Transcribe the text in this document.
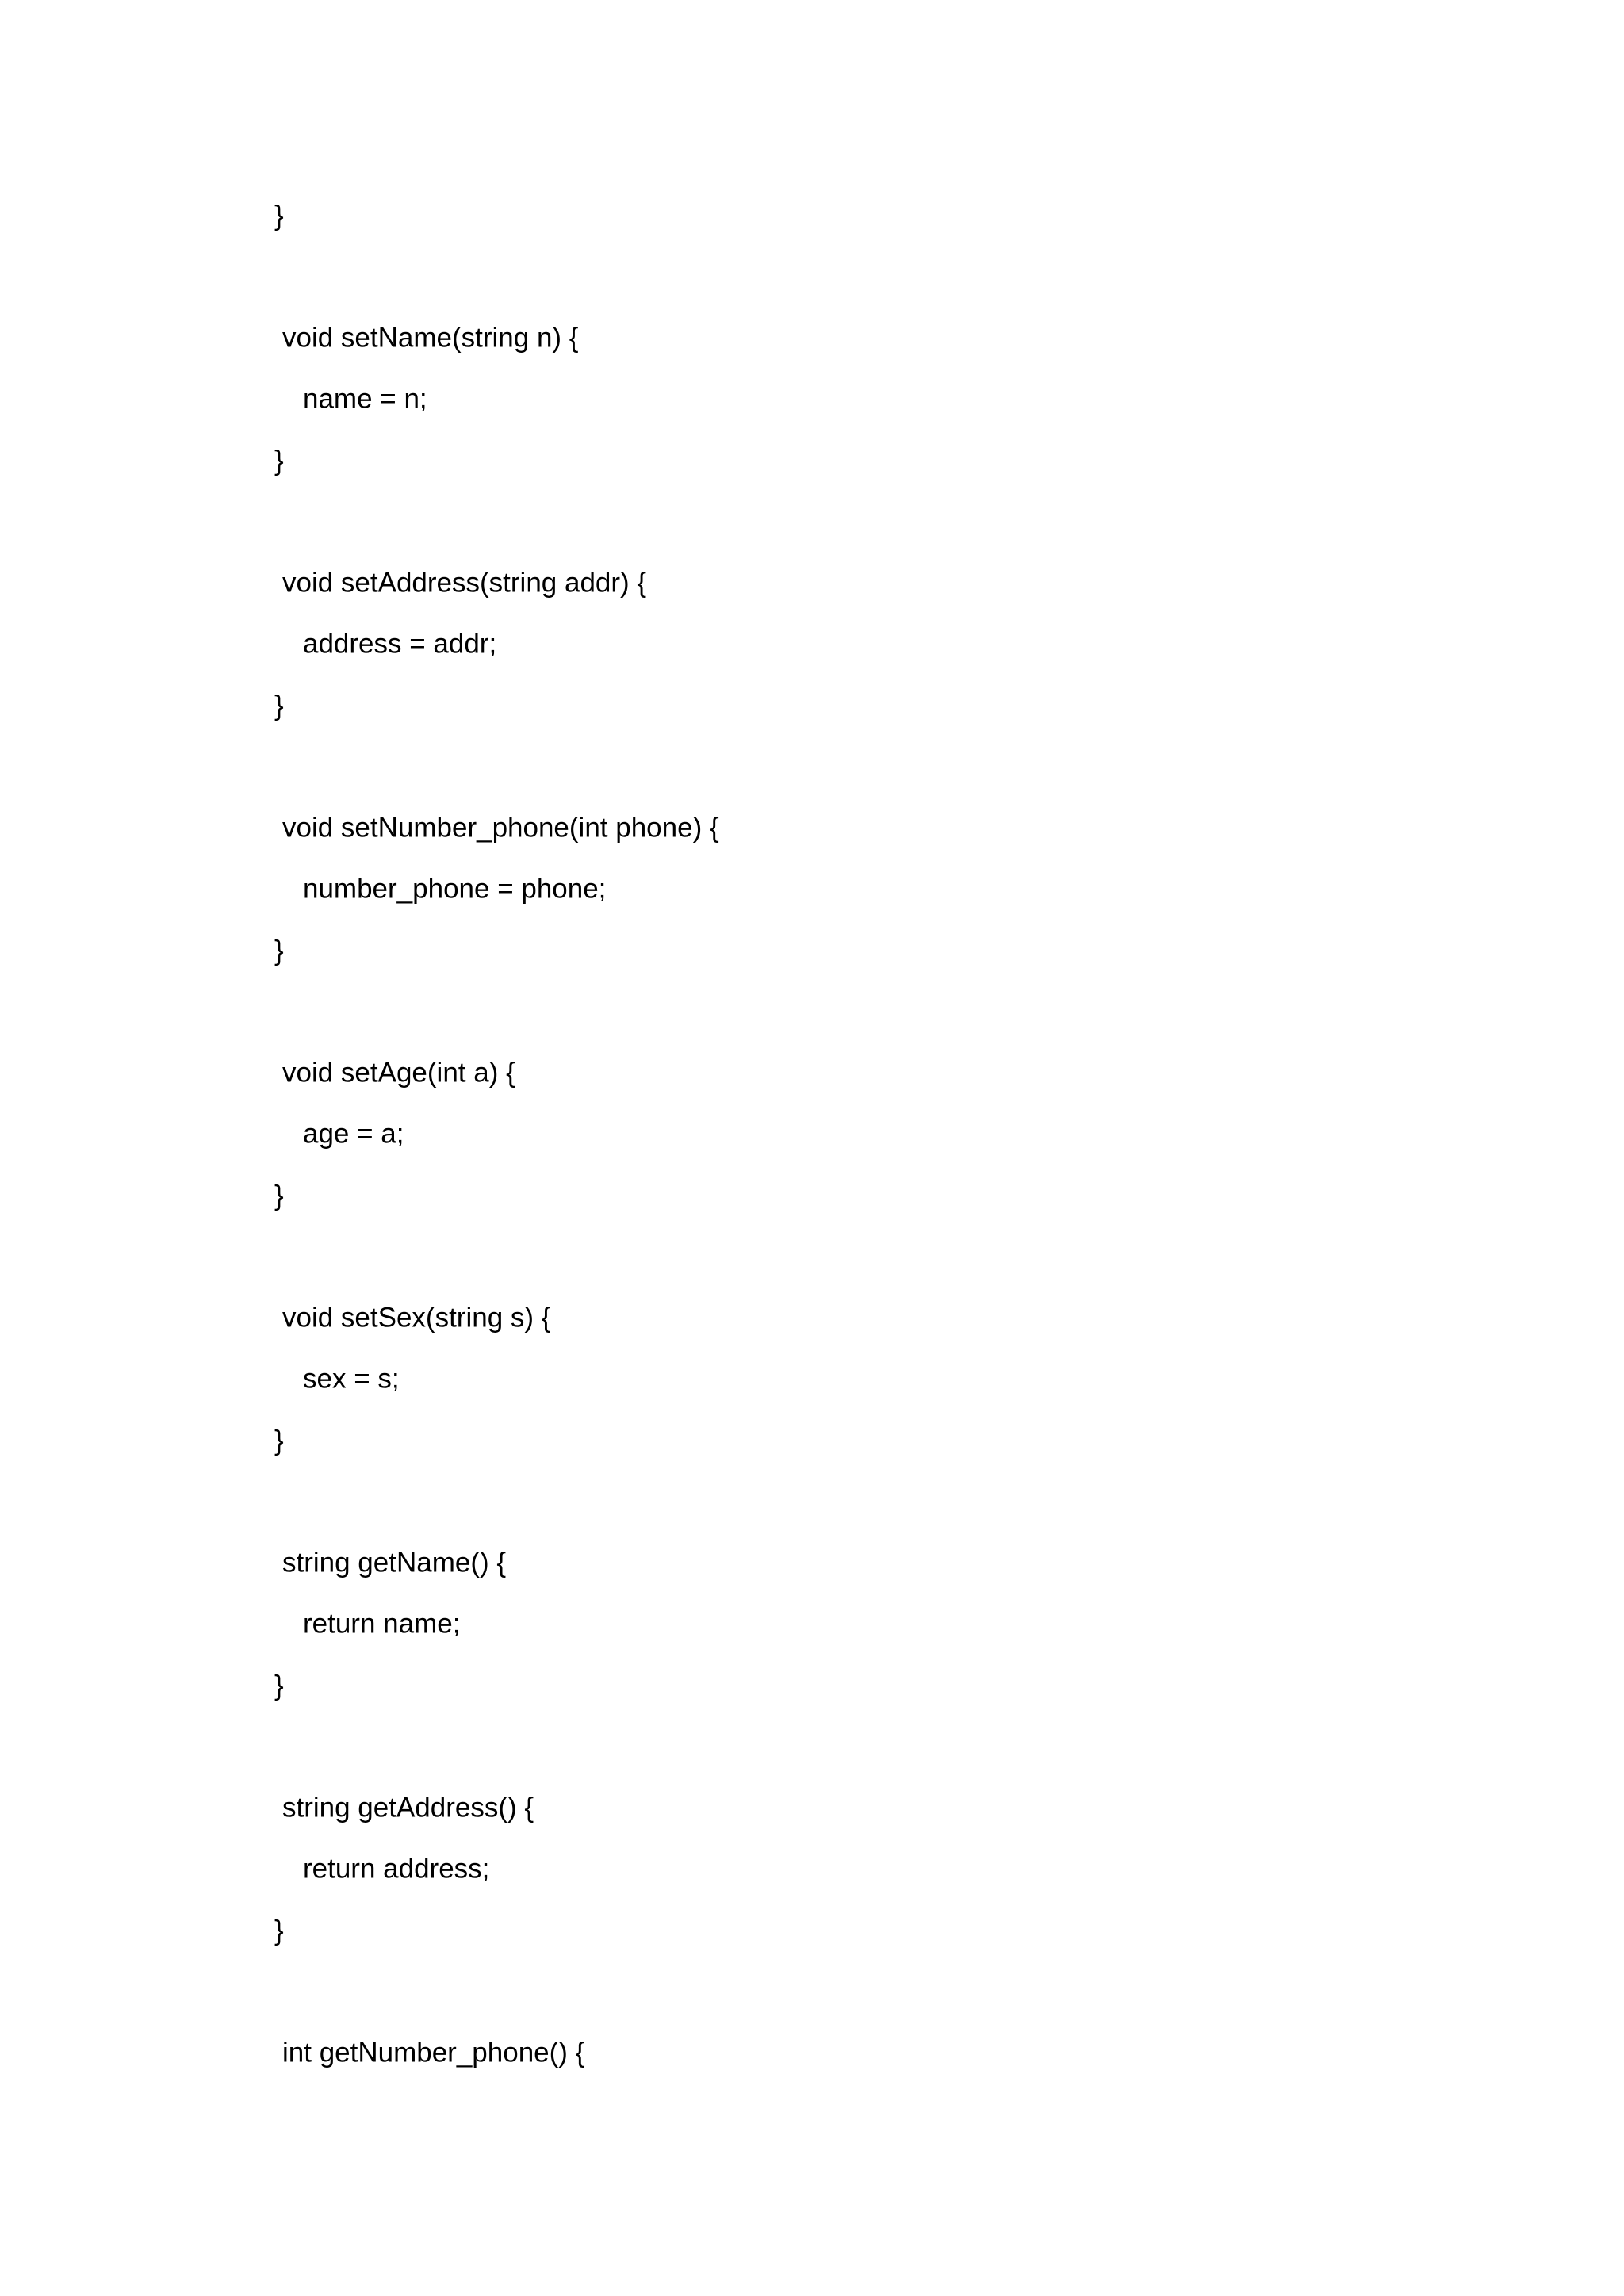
}
void setName(string n) {
name = n;
}
void setAddress(string addr) {
address = addr;
}
void setNumber_phone(int phone) {
number_phone = phone;
}
void setAge(int a) {
age = a;
}
void setSex(string s) {
sex = s;
}
string getName() {
return name;
}
string getAddress() {
return address;
}
int getNumber_phone() {
